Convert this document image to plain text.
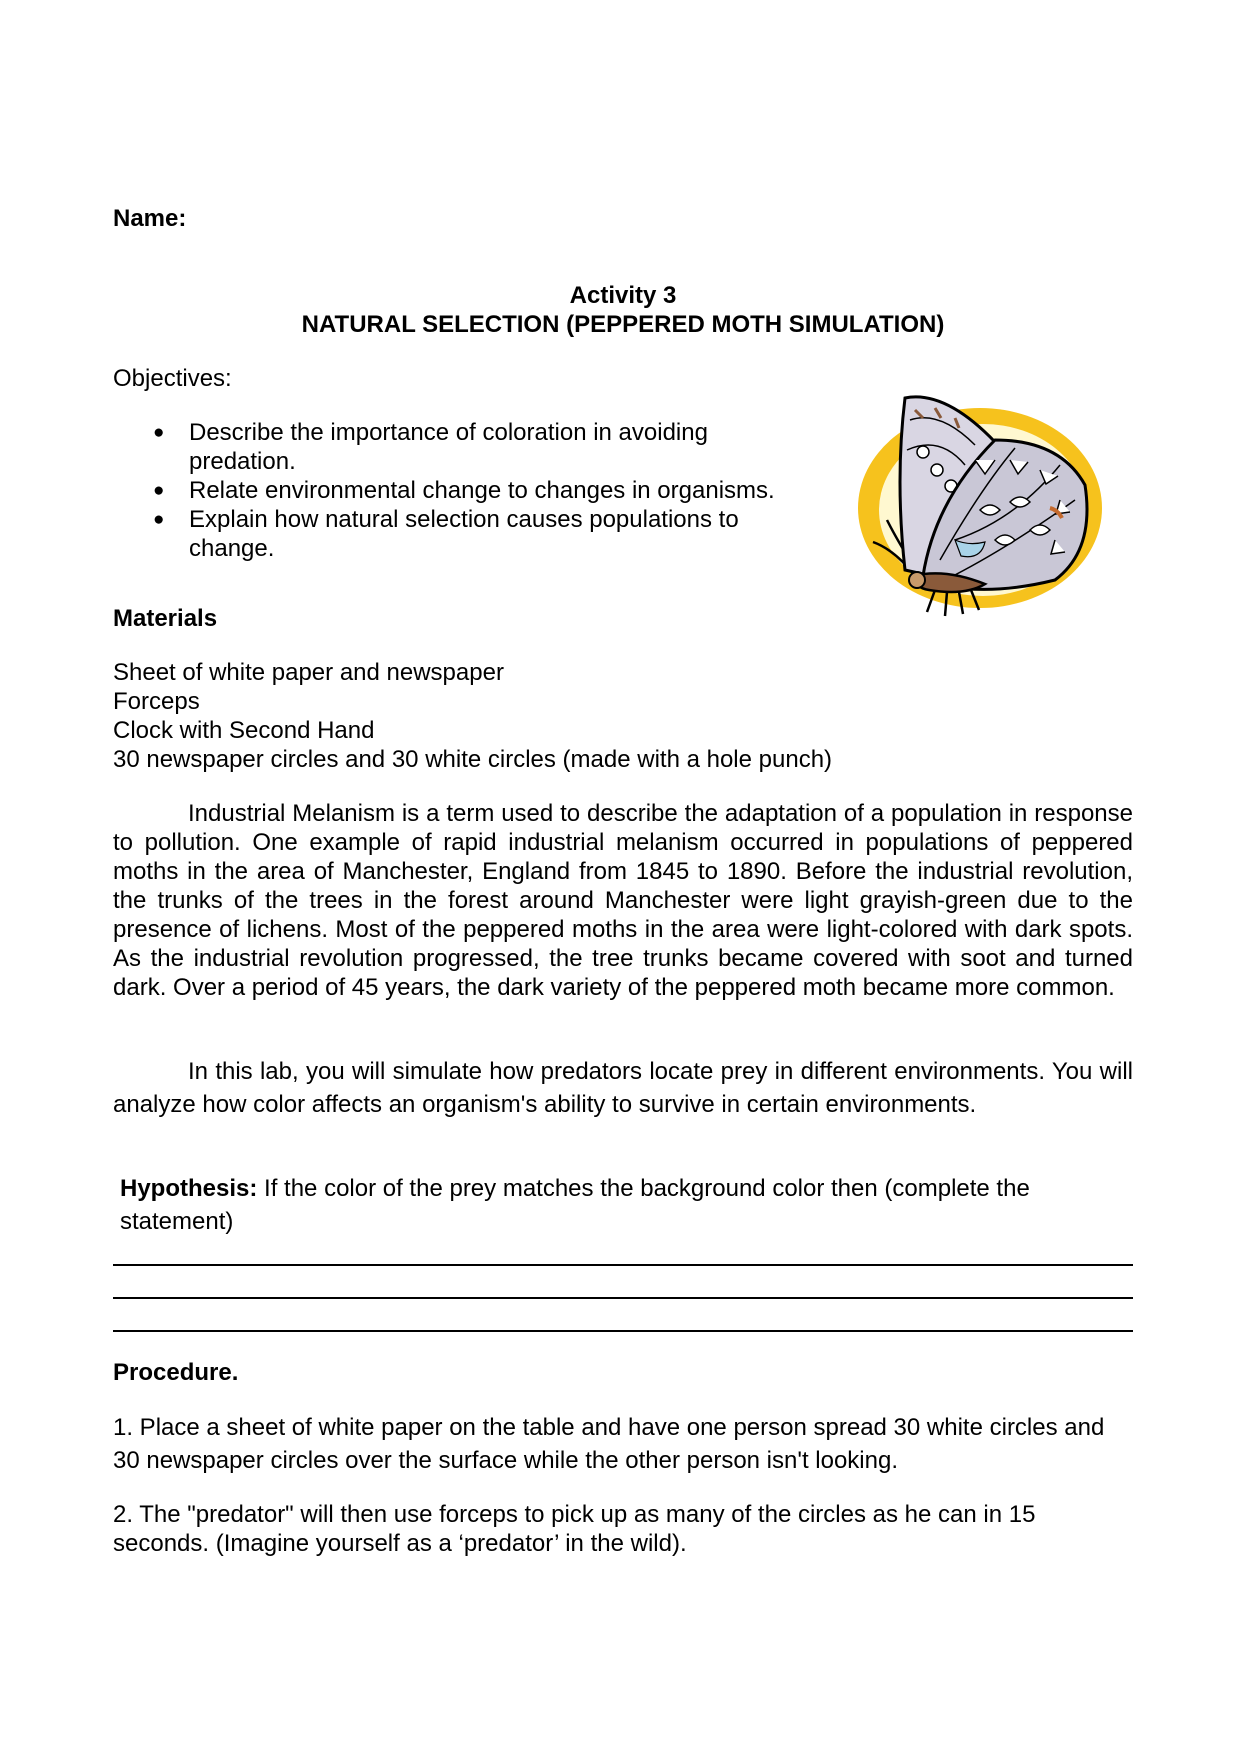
Name:
Activity 3
NATURAL SELECTION (PEPPERED MOTH SIMULATION)
Objectives:
● Describe the importance of coloration in avoiding predation.
● Relate environmental change to changes in organisms.
● Explain how natural selection causes populations to change.
Materials
Sheet of white paper and newspaper
Forceps
Clock with Second Hand
30 newspaper circles and 30 white circles (made with a hole punch)
Industrial Melanism is a term used to describe the adaptation of a population in response to pollution. One example of rapid industrial melanism occurred in populations of peppered moths in the area of Manchester, England from 1845 to 1890. Before the industrial revolution, the trunks of the trees in the forest around Manchester were light grayish-green due to the presence of lichens. Most of the peppered moths in the area were light-colored with dark spots. As the industrial revolution progressed, the tree trunks became covered with soot and turned dark. Over a period of 45 years, the dark variety of the peppered moth became more common.
In this lab, you will simulate how predators locate prey in different environments. You will analyze how color affects an organism's ability to survive in certain environments.
Hypothesis: If the color of the prey matches the background color then (complete the statement)
Procedure.
1. Place a sheet of white paper on the table and have one person spread 30 white circles and 30 newspaper circles over the surface while the other person isn't looking.
2. The "predator" will then use forceps to pick up as many of the circles as he can in 15 seconds. (Imagine yourself as a ‘predator’ in the wild).
